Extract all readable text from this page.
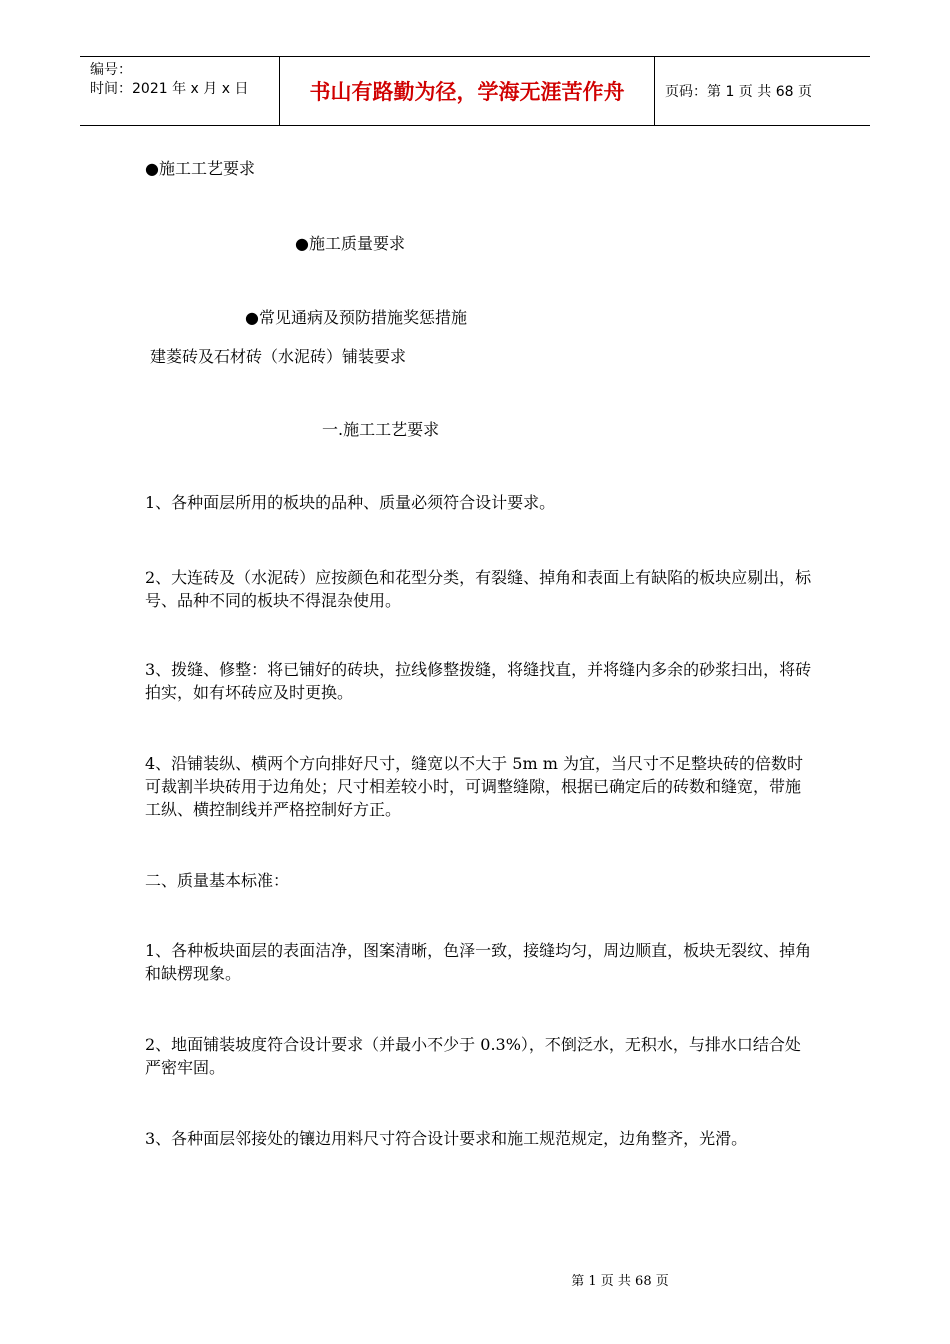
编号：
时间：2021 年 x 月 x 日	书山有路勤为径，学海无涯苦作舟	页码：第 1 页 共 68 页
●施工工艺要求
●施工质量要求
●常见通病及预防措施奖惩措施
建菱砖及石材砖（水泥砖）铺装要求
一.施工工艺要求
1、各种面层所用的板块的品种、质量必须符合设计要求。
2、大连砖及（水泥砖）应按颜色和花型分类，有裂缝、掉角和表面上有缺陷的板块应剔出，标号、品种不同的板块不得混杂使用。
3、拨缝、修整：将已铺好的砖块，拉线修整拨缝，将缝找直，并将缝内多余的砂浆扫出，将砖拍实，如有坏砖应及时更换。
4、沿铺装纵、横两个方向排好尺寸，缝宽以不大于 5m m 为宜，当尺寸不足整块砖的倍数时可裁割半块砖用于边角处；尺寸相差较小时，可调整缝隙，根据已确定后的砖数和缝宽，带施工纵、横控制线并严格控制好方正。
二、质量基本标准：
1、各种板块面层的表面洁净，图案清晰，色泽一致，接缝均匀，周边顺直，板块无裂纹、掉角和缺楞现象。
2、地面铺装坡度符合设计要求（并最小不少于 0.3%），不倒泛水，无积水，与排水口结合处严密牢固。
3、各种面层邻接处的镶边用料尺寸符合设计要求和施工规范规定，边角整齐，光滑。
第 1 页 共 68 页
